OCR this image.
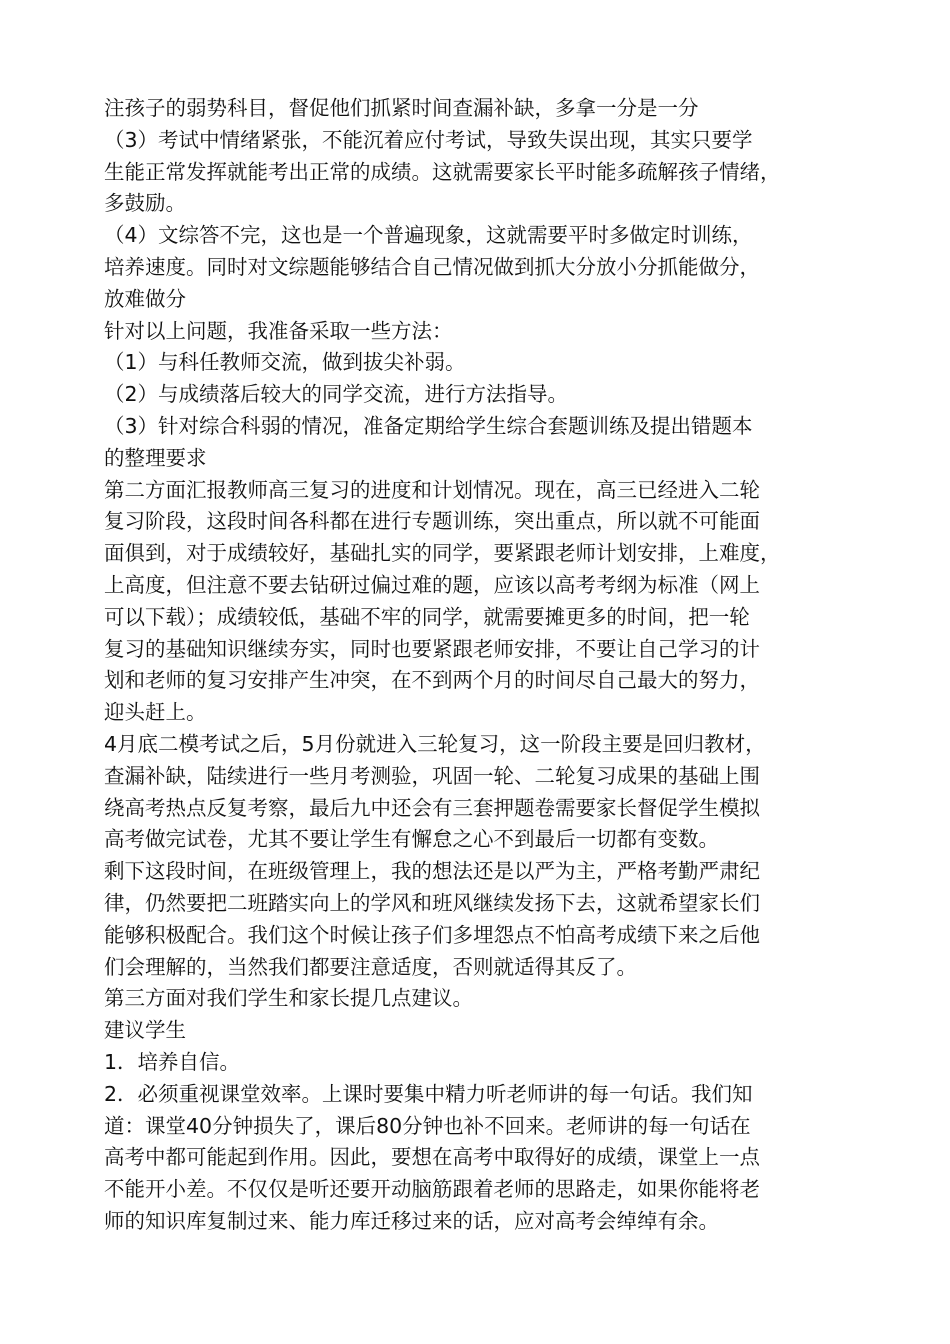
注孩子的弱势科目，督促他们抓紧时间查漏补缺，多拿一分是一分
（3）考试中情绪紧张，不能沉着应付考试，导致失误出现，其实只要学
生能正常发挥就能考出正常的成绩。这就需要家长平时能多疏解孩子情绪，
多鼓励。
（4）文综答不完，这也是一个普遍现象，这就需要平时多做定时训练，
培养速度。同时对文综题能够结合自己情况做到抓大分放小分抓能做分，
放难做分
针对以上问题，我准备采取一些方法：
（1）与科任教师交流，做到拔尖补弱。
（2）与成绩落后较大的同学交流，进行方法指导。
（3）针对综合科弱的情况，准备定期给学生综合套题训练及提出错题本
的整理要求
第二方面汇报教师高三复习的进度和计划情况。现在，高三已经进入二轮
复习阶段，这段时间各科都在进行专题训练，突出重点，所以就不可能面
面俱到，对于成绩较好，基础扎实的同学，要紧跟老师计划安排，上难度，
上高度，但注意不要去钻研过偏过难的题，应该以高考考纲为标准（网上
可以下载）；成绩较低，基础不牢的同学，就需要摊更多的时间，把一轮
复习的基础知识继续夯实，同时也要紧跟老师安排，不要让自己学习的计
划和老师的复习安排产生冲突，在不到两个月的时间尽自己最大的努力，
迎头赶上。
4月底二模考试之后，5月份就进入三轮复习，这一阶段主要是回归教材，
查漏补缺，陆续进行一些月考测验，巩固一轮、二轮复习成果的基础上围
绕高考热点反复考察，最后九中还会有三套押题卷需要家长督促学生模拟
高考做完试卷，尤其不要让学生有懈怠之心不到最后一切都有变数。
剩下这段时间，在班级管理上，我的想法还是以严为主，严格考勤严肃纪
律，仍然要把二班踏实向上的学风和班风继续发扬下去，这就希望家长们
能够积极配合。我们这个时候让孩子们多埋怨点不怕高考成绩下来之后他
们会理解的，当然我们都要注意适度，否则就适得其反了。
第三方面对我们学生和家长提几点建议。
建议学生
1．培养自信。
2．必须重视课堂效率。上课时要集中精力听老师讲的每一句话。我们知
道：课堂40分钟损失了，课后80分钟也补不回来。老师讲的每一句话在
高考中都可能起到作用。因此，要想在高考中取得好的成绩，课堂上一点
不能开小差。不仅仅是听还要开动脑筋跟着老师的思路走，如果你能将老
师的知识库复制过来、能力库迁移过来的话，应对高考会绰绰有余。
